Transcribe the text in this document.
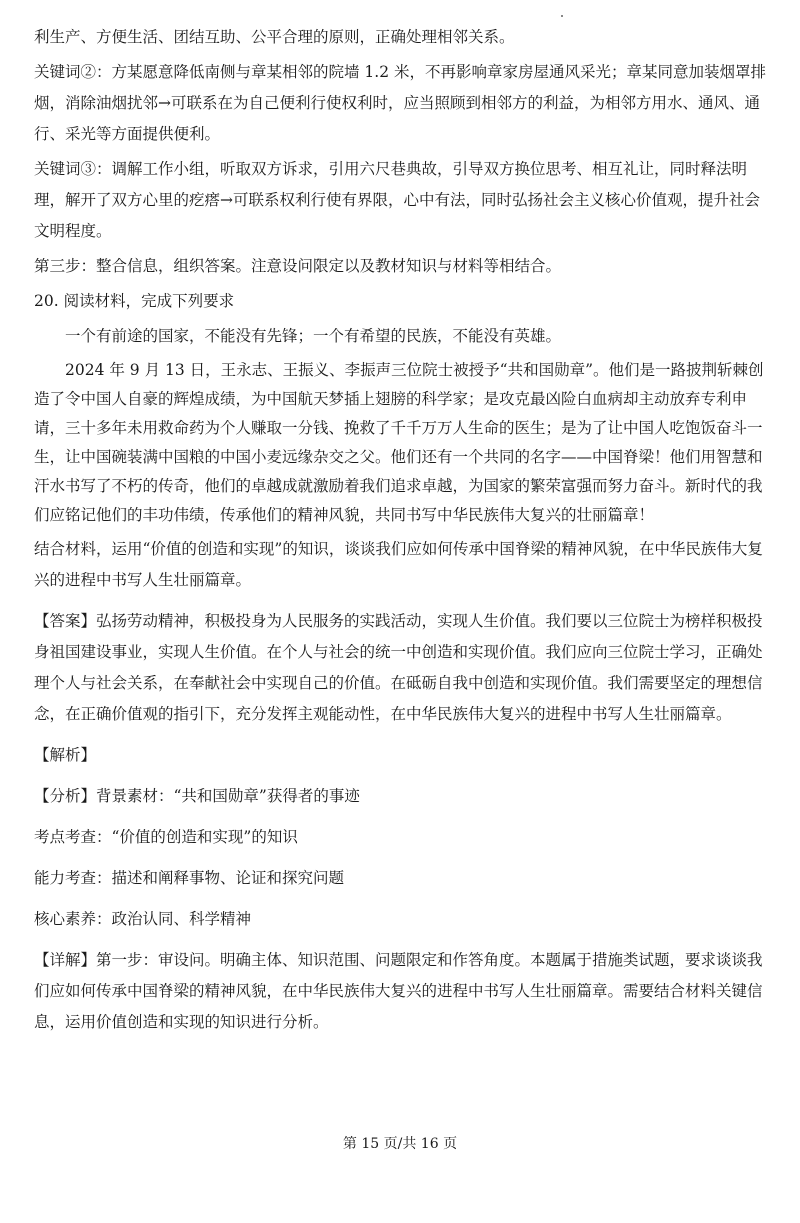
利生产、方便生活、团结互助、公平合理的原则，正确处理相邻关系。

关键词②：方某愿意降低南侧与章某相邻的院墙 1.2 米，不再影响章家房屋通风采光；章某同意加装烟罩排烟，消除油烟扰邻→可联系在为自己便利行使权利时，应当照顾到相邻方的利益，为相邻方用水、通风、通行、采光等方面提供便利。

关键词③：调解工作小组，听取双方诉求，引用六尺巷典故，引导双方换位思考、相互礼让，同时释法明理，解开了双方心里的疙瘩→可联系权利行使有界限，心中有法，同时弘扬社会主义核心价值观，提升社会文明程度。

第三步：整合信息，组织答案。注意设问限定以及教材知识与材料等相结合。

20. 阅读材料，完成下列要求

一个有前途的国家，不能没有先锋；一个有希望的民族，不能没有英雄。

2024 年 9 月 13 日，王永志、王振义、李振声三位院士被授予“共和国勋章”。他们是一路披荆斩棘创造了令中国人自豪的辉煌成绩，为中国航天梦插上翅膀的科学家；是攻克最凶险白血病却主动放弃专利申请，三十多年未用救命药为个人赚取一分钱、挽救了千千万万人生命的医生；是为了让中国人吃饱饭奋斗一生，让中国碗装满中国粮的中国小麦远缘杂交之父。他们还有一个共同的名字——中国脊梁！他们用智慧和汗水书写了不朽的传奇，他们的卓越成就激励着我们追求卓越，为国家的繁荣富强而努力奋斗。新时代的我们应铭记他们的丰功伟绩，传承他们的精神风貌，共同书写中华民族伟大复兴的壮丽篇章！

结合材料，运用“价值的创造和实现”的知识，谈谈我们应如何传承中国脊梁的精神风貌，在中华民族伟大复兴的进程中书写人生壮丽篇章。

【答案】弘扬劳动精神，积极投身为人民服务的实践活动，实现人生价值。我们要以三位院士为榜样积极投身祖国建设事业，实现人生价值。在个人与社会的统一中创造和实现价值。我们应向三位院士学习，正确处理个人与社会关系，在奉献社会中实现自己的价值。在砥砺自我中创造和实现价值。我们需要坚定的理想信念，在正确价值观的指引下，充分发挥主观能动性，在中华民族伟大复兴的进程中书写人生壮丽篇章。

【解析】

【分析】背景素材：“共和国勋章”获得者的事迹

考点考查：“价值的创造和实现”的知识

能力考查：描述和阐释事物、论证和探究问题

核心素养：政治认同、科学精神

【详解】第一步：审设问。明确主体、知识范围、问题限定和作答角度。本题属于措施类试题，要求谈谈我们应如何传承中国脊梁的精神风貌，在中华民族伟大复兴的进程中书写人生壮丽篇章。需要结合材料关键信息，运用价值创造和实现的知识进行分析。

第 15 页/共 16 页
